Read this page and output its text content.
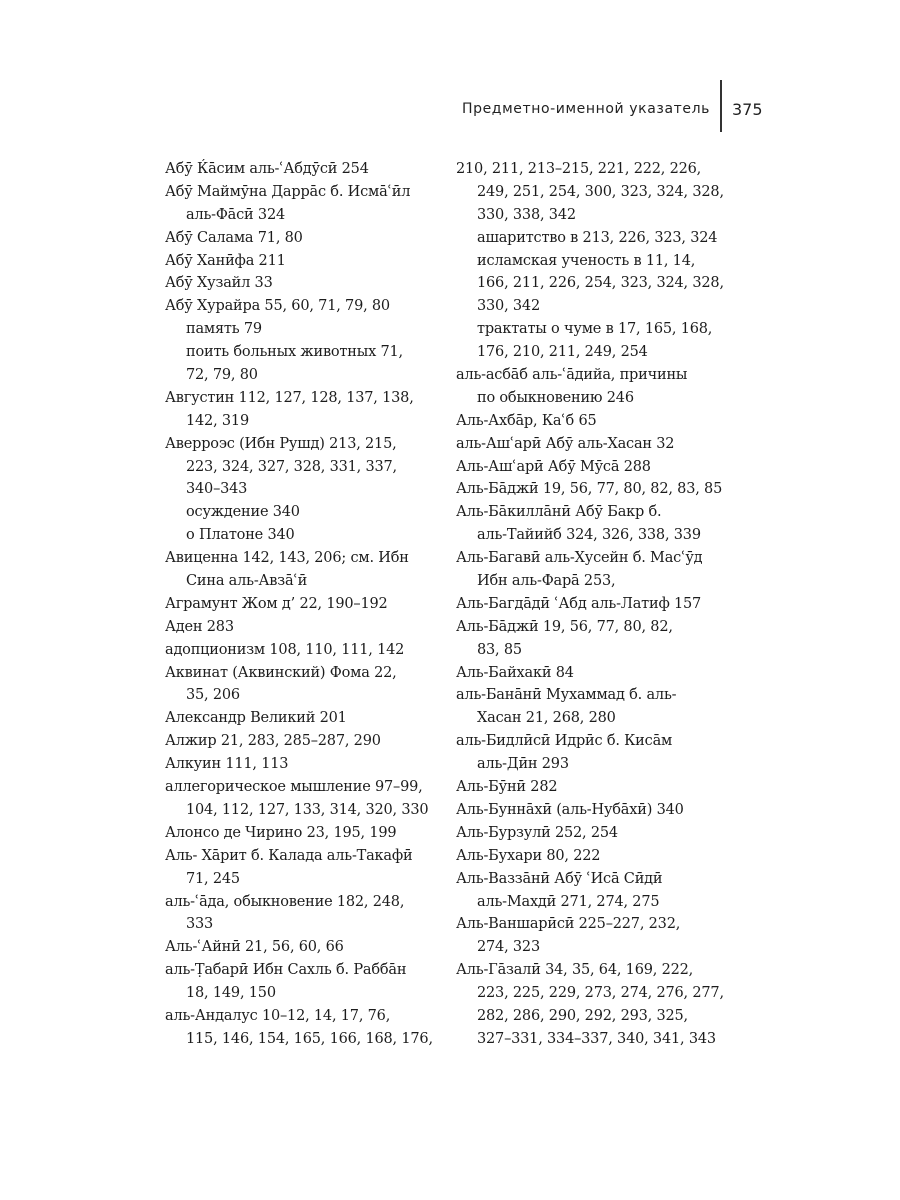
Предметно-именной указатель 375
Абӯ Ќāсим аль-ʿАбдӯсӣ 254
Абӯ Маймӯна Даррāс б. Исмāʿӣл
аль-Фāсӣ 324
Абӯ Салама 71, 80
Абӯ Ханӣфа 211
Абӯ Хузайл 33
Абӯ Хурайра 55, 60, 71, 79, 80
память 79
поить больных животных 71,
72, 79, 80
Августин 112, 127, 128, 137, 138,
142, 319
Аверроэс (Ибн Рушд) 213, 215,
223, 324, 327, 328, 331, 337,
340–343
осуждение 340
о Платоне 340
Авиценна 142, 143, 206; см. Ибн
Сина аль-Авзāʿӣ
Аграмунт Жом д’ 22, 190–192
Аден 283
адопционизм 108, 110, 111, 142
Аквинат (Аквинский) Фома 22,
35, 206
Александр Великий 201
Алжир 21, 283, 285–287, 290
Алкуин 111, 113
аллегорическое мышление 97–99,
104, 112, 127, 133, 314, 320, 330
Алонсо де Чирино 23, 195, 199
Аль- Хāрит б. Калада аль-Такафӣ
71, 245
аль-ʿāда, обыкновение 182, 248,
333
Аль-ʿАйнӣ 21, 56, 60, 66
аль-Ṭабарӣ Ибн Сахль б. Раббāн
18, 149, 150
аль-Андалус 10–12, 14, 17, 76,
115, 146, 154, 165, 166, 168, 176,
210, 211, 213–215, 221, 222, 226,
249, 251, 254, 300, 323, 324, 328,
330, 338, 342
ашаритство в 213, 226, 323, 324
исламская ученость в 11, 14,
166, 211, 226, 254, 323, 324, 328,
330, 342
трактаты о чуме в 17, 165, 168,
176, 210, 211, 249, 254
аль-асбāб аль-ʿāдийа, причины
по обыкновению 246
Аль-Ахбāр, Каʿб 65
аль-Ашʿарӣ Абӯ аль-Хасан 32
Аль-Ашʿарӣ Абӯ Мӯсā 288
Аль-Бāджӣ 19, 56, 77, 80, 82, 83, 85
Аль-Бāкиллāнӣ Абӯ Бакр б.
аль-Тайийб 324, 326, 338, 339
Аль-Багавӣ аль-Хусейн б. Масʿӯд
Ибн аль-Фарā 253,
Аль-Багдāдӣ ʿАбд аль-Латиф 157
Аль-Бāджӣ 19, 56, 77, 80, 82,
83, 85
Аль-Байхакӣ 84
аль-Банāнӣ Мухаммад б. аль-
Хасан 21, 268, 280
аль-Бидлӣсӣ Идрӣс б. Кисāм
аль-Дӣн 293
Аль-Бӯнӣ 282
Аль-Буннāхӣ (аль-Нубāхӣ) 340
Аль-Бурзулӣ 252, 254
Аль-Бухари 80, 222
Аль-Ваззāнӣ Абӯ ʿИсā Сӣдӣ
аль-Махдӣ 271, 274, 275
Аль-Ваншарӣсӣ 225–227, 232,
274, 323
Аль-Гāзалӣ 34, 35, 64, 169, 222,
223, 225, 229, 273, 274, 276, 277,
282, 286, 290, 292, 293, 325,
327–331, 334–337, 340, 341, 343
